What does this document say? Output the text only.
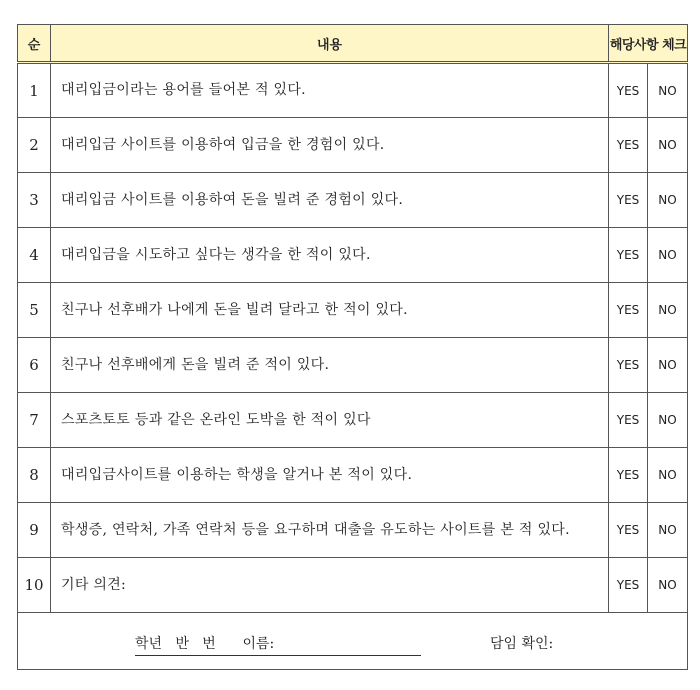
순	내용	해당사항 체크	
1	대리입금이라는 용어를 들어본 적 있다.	YES	NO
2	대리입금 사이트를 이용하여 입금을 한 경험이 있다.	YES	NO
3	대리입금 사이트를 이용하여 돈을 빌려 준 경험이 있다.	YES	NO
4	대리입금을 시도하고 싶다는 생각을 한 적이 있다.	YES	NO
5	친구나 선후배가 나에게 돈을 빌려 달라고 한 적이 있다.	YES	NO
6	친구나 선후배에게 돈을 빌려 준 적이 있다.	YES	NO
7	스포츠토토 등과 같은 온라인 도박을 한 적이 있다	YES	NO
8	대리입금사이트를 이용하는 학생을 알거나 본 적이 있다.	YES	NO
9	학생증, 연락처, 가족 연락처 등을 요구하며 대출을 유도하는 사이트를 본 적 있다.	YES	NO
10	기타 의견:	YES	NO

학년   반   번      이름: 담임 확인:			
